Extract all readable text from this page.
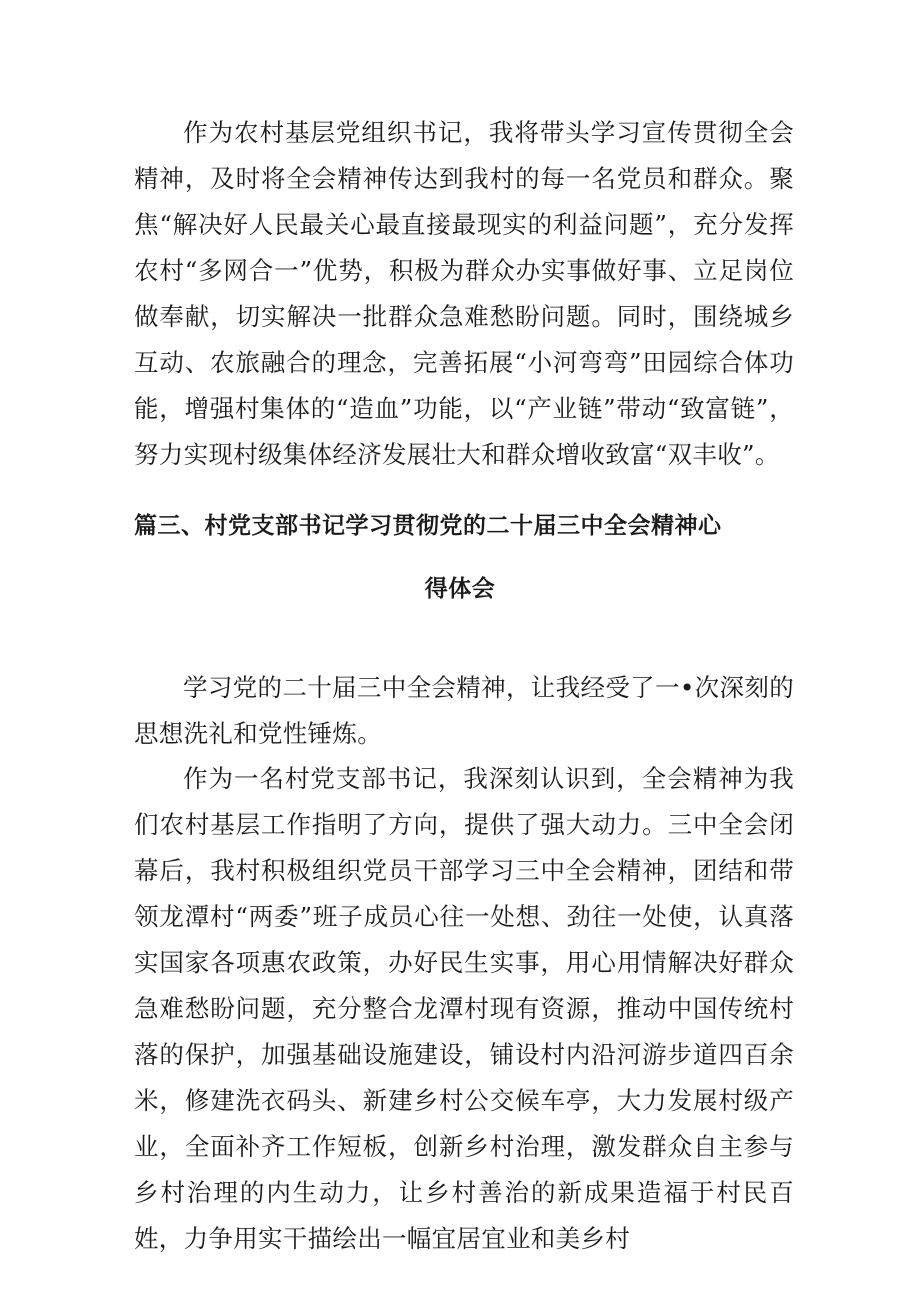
作为农村基层党组织书记，我将带头学习宣传贯彻全会精神，及时将全会精神传达到我村的每一名党员和群众。聚焦“解决好人民最关心最直接最现实的利益问题”，充分发挥农村“多网合一”优势，积极为群众办实事做好事、立足岗位做奉献，切实解决一批群众急难愁盼问题。同时，围绕城乡互动、农旅融合的理念，完善拓展“小河弯弯”田园综合体功能，增强村集体的“造血”功能，以“产业链”带动“致富链”，努力实现村级集体经济发展壮大和群众增收致富“双丰收”。

篇三、村党支部书记学习贯彻党的二十届三中全会精神心
得体会

学习党的二十届三中全会精神，让我经受了一•次深刻的思想洗礼和党性锤炼。

作为一名村党支部书记，我深刻认识到，全会精神为我们农村基层工作指明了方向，提供了强大动力。三中全会闭幕后，我村积极组织党员干部学习三中全会精神，团结和带领龙潭村“两委”班子成员心往一处想、劲往一处使，认真落实国家各项惠农政策，办好民生实事，用心用情解决好群众急难愁盼问题，充分整合龙潭村现有资源，推动中国传统村落的保护，加强基础设施建设，铺设村内沿河游步道四百余米，修建洗衣码头、新建乡村公交候车亭，大力发展村级产业，全面补齐工作短板，创新乡村治理，激发群众自主参与乡村治理的内生动力，让乡村善治的新成果造福于村民百姓，力争用实干描绘出一幅宜居宜业和美乡村
